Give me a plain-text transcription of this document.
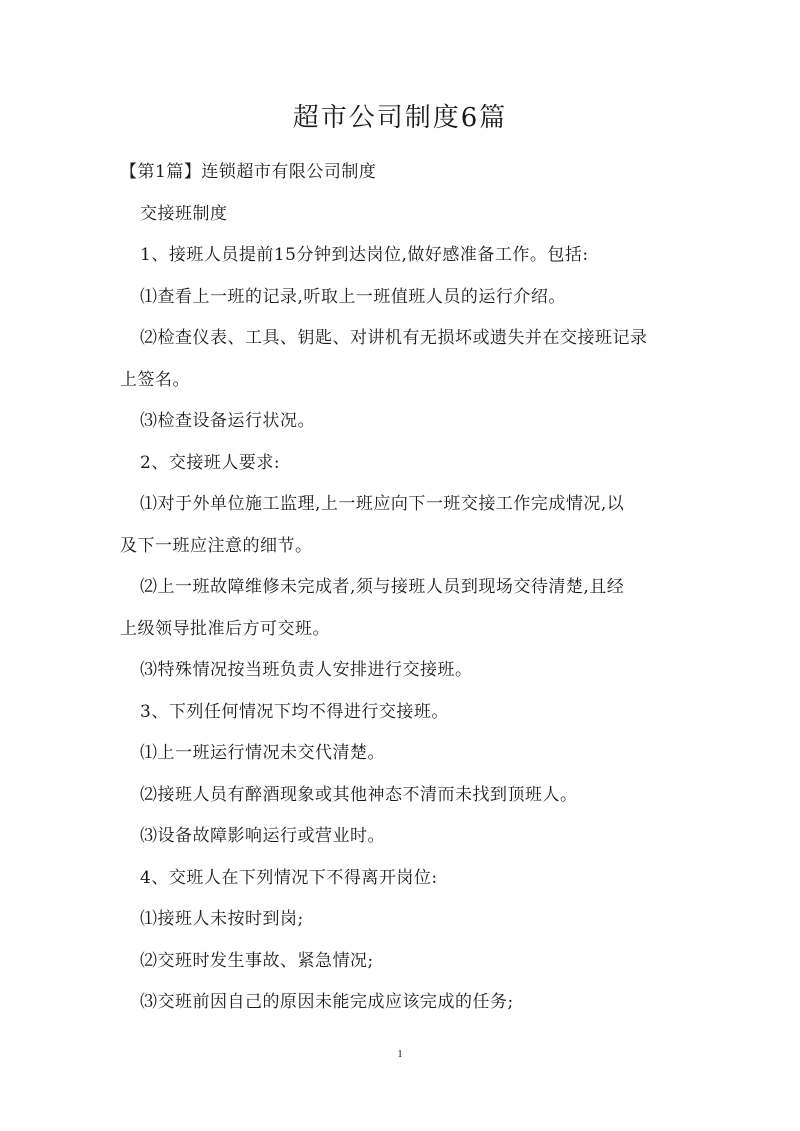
超市公司制度6篇
【第1篇】连锁超市有限公司制度
交接班制度
1、接班人员提前15分钟到达岗位,做好感准备工作。包括:
⑴查看上一班的记录,听取上一班值班人员的运行介绍。
⑵检查仪表、工具、钥匙、对讲机有无损坏或遗失并在交接班记录
上签名。
⑶检查设备运行状况。
2、交接班人要求:
⑴对于外单位施工监理,上一班应向下一班交接工作完成情况,以
及下一班应注意的细节。
⑵上一班故障维修未完成者,须与接班人员到现场交待清楚,且经
上级领导批准后方可交班。
⑶特殊情况按当班负责人安排进行交接班。
3、下列任何情况下均不得进行交接班。
⑴上一班运行情况未交代清楚。
⑵接班人员有醉酒现象或其他神态不清而未找到顶班人。
⑶设备故障影响运行或营业时。
4、交班人在下列情况下不得离开岗位:
⑴接班人未按时到岗;
⑵交班时发生事故、紧急情况;
⑶交班前因自己的原因未能完成应该完成的任务;
1
